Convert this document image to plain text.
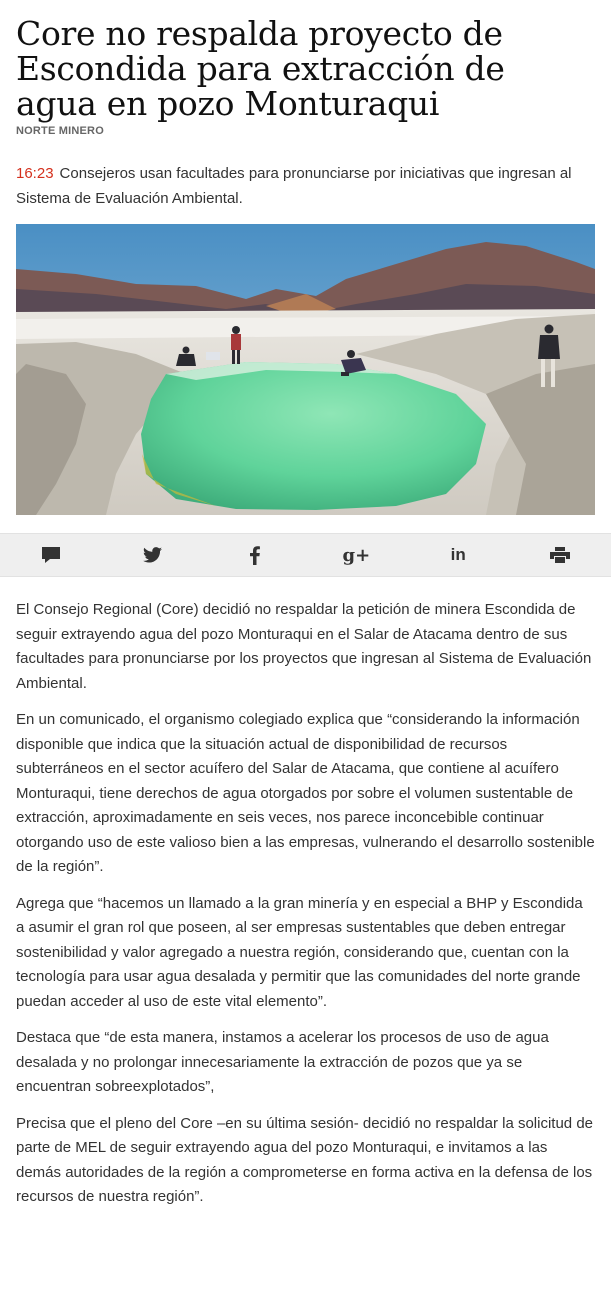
Core no respalda proyecto de Escondida para extracción de agua en pozo Monturaqui
NORTE MINERO
16:23 Consejeros usan facultades para pronunciarse por iniciativas que ingresan al Sistema de Evaluación Ambiental.
g+	in

El Consejo Regional (Core) decidió no respaldar la petición de minera Escondida de seguir extrayendo agua del pozo Monturaqui en el Salar de Atacama dentro de sus facultades para pronunciarse por los proyectos que ingresan al Sistema de Evaluación Ambiental.

En un comunicado, el organismo colegiado explica que “considerando la información disponible que indica que la situación actual de disponibilidad de recursos subterráneos en el sector acuífero del Salar de Atacama, que contiene al acuífero Monturaqui, tiene derechos de agua otorgados por sobre el volumen sustentable de extracción, aproximadamente en seis veces, nos parece inconcebible continuar otorgando uso de este valioso bien a las empresas, vulnerando el desarrollo sostenible de la región”.

Agrega que “hacemos un llamado a la gran minería y en especial a BHP y Escondida a asumir el gran rol que poseen, al ser empresas sustentables que deben entregar sostenibilidad y valor agregado a nuestra región, considerando que, cuentan con la tecnología para usar agua desalada y permitir que las comunidades del norte grande puedan acceder al uso de este vital elemento”.

Destaca que “de esta manera, instamos a acelerar los procesos de uso de agua desalada y no prolongar innecesariamente la extracción de pozos que ya se encuentran sobreexplotados”,

Precisa que el pleno del Core –en su última sesión- decidió no respaldar la solicitud de parte de MEL de seguir extrayendo agua del pozo Monturaqui, e invitamos a las demás autoridades de la región a comprometerse en forma activa en la defensa de los recursos de nuestra región”.
